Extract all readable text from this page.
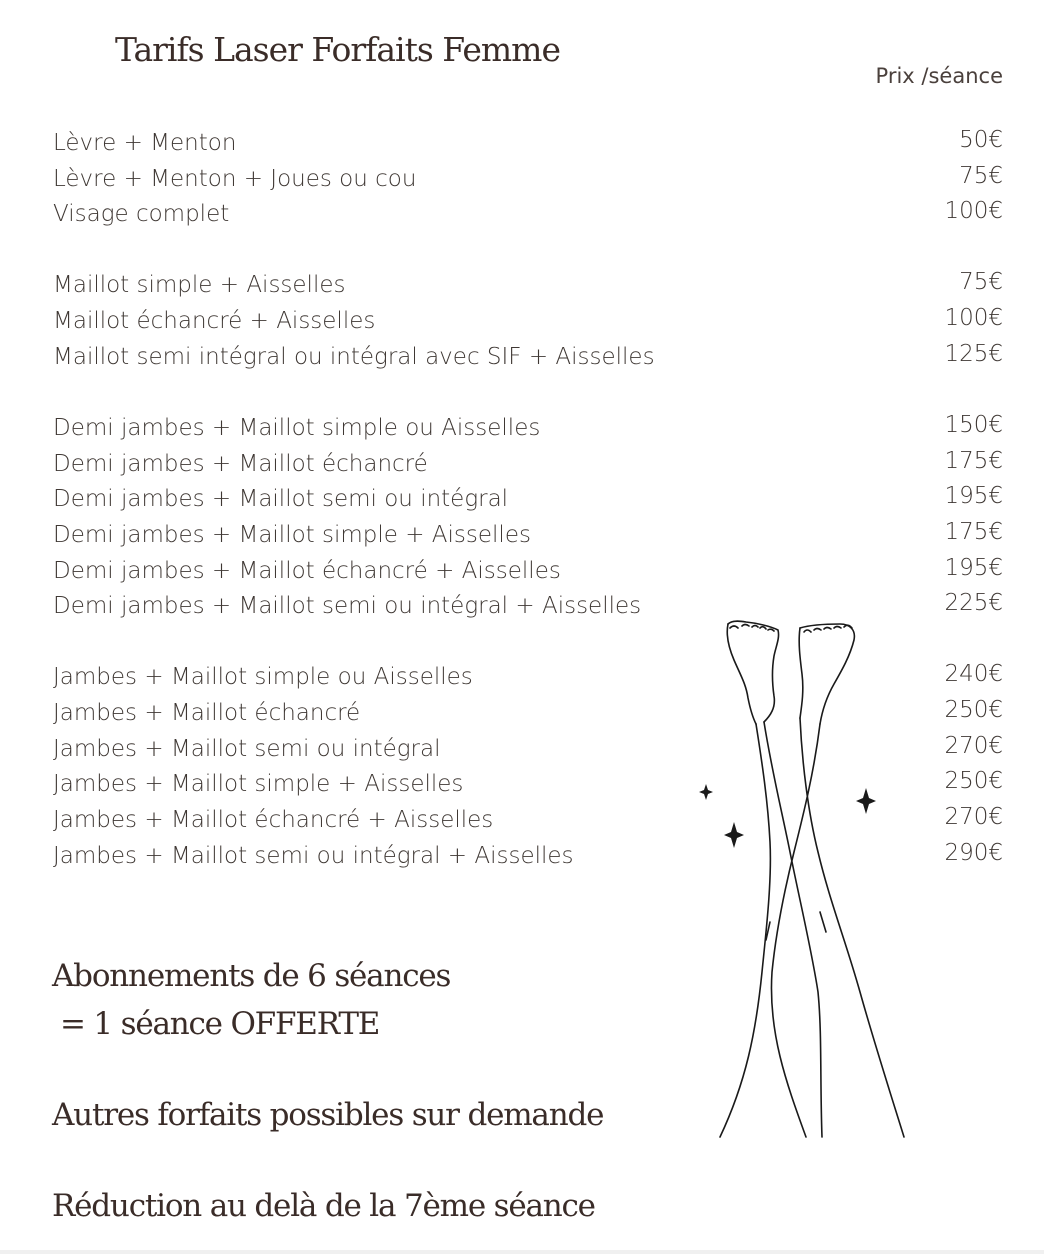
Tarifs Laser Forfaits Femme
Prix /séance
Lèvre + Menton	50€
Lèvre + Menton + Joues ou cou	75€
Visage complet	100€
Maillot simple + Aisselles	75€
Maillot échancré + Aisselles	100€
Maillot semi intégral ou intégral avec SIF + Aisselles	125€
Demi jambes + Maillot simple ou Aisselles	150€
Demi jambes + Maillot échancré	175€
Demi jambes + Maillot semi ou intégral	195€
Demi jambes + Maillot simple + Aisselles	175€
Demi jambes + Maillot échancré + Aisselles	195€
Demi jambes + Maillot semi ou intégral + Aisselles	225€
Jambes + Maillot simple ou Aisselles	240€
Jambes + Maillot échancré	250€
Jambes + Maillot semi ou intégral	270€
Jambes + Maillot simple + Aisselles	250€
Jambes + Maillot échancré + Aisselles	270€
Jambes + Maillot semi ou intégral + Aisselles	290€
Abonnements de 6 séances
= 1 séance OFFERTE
Autres forfaits possibles sur demande
Réduction au delà de la 7ème séance
